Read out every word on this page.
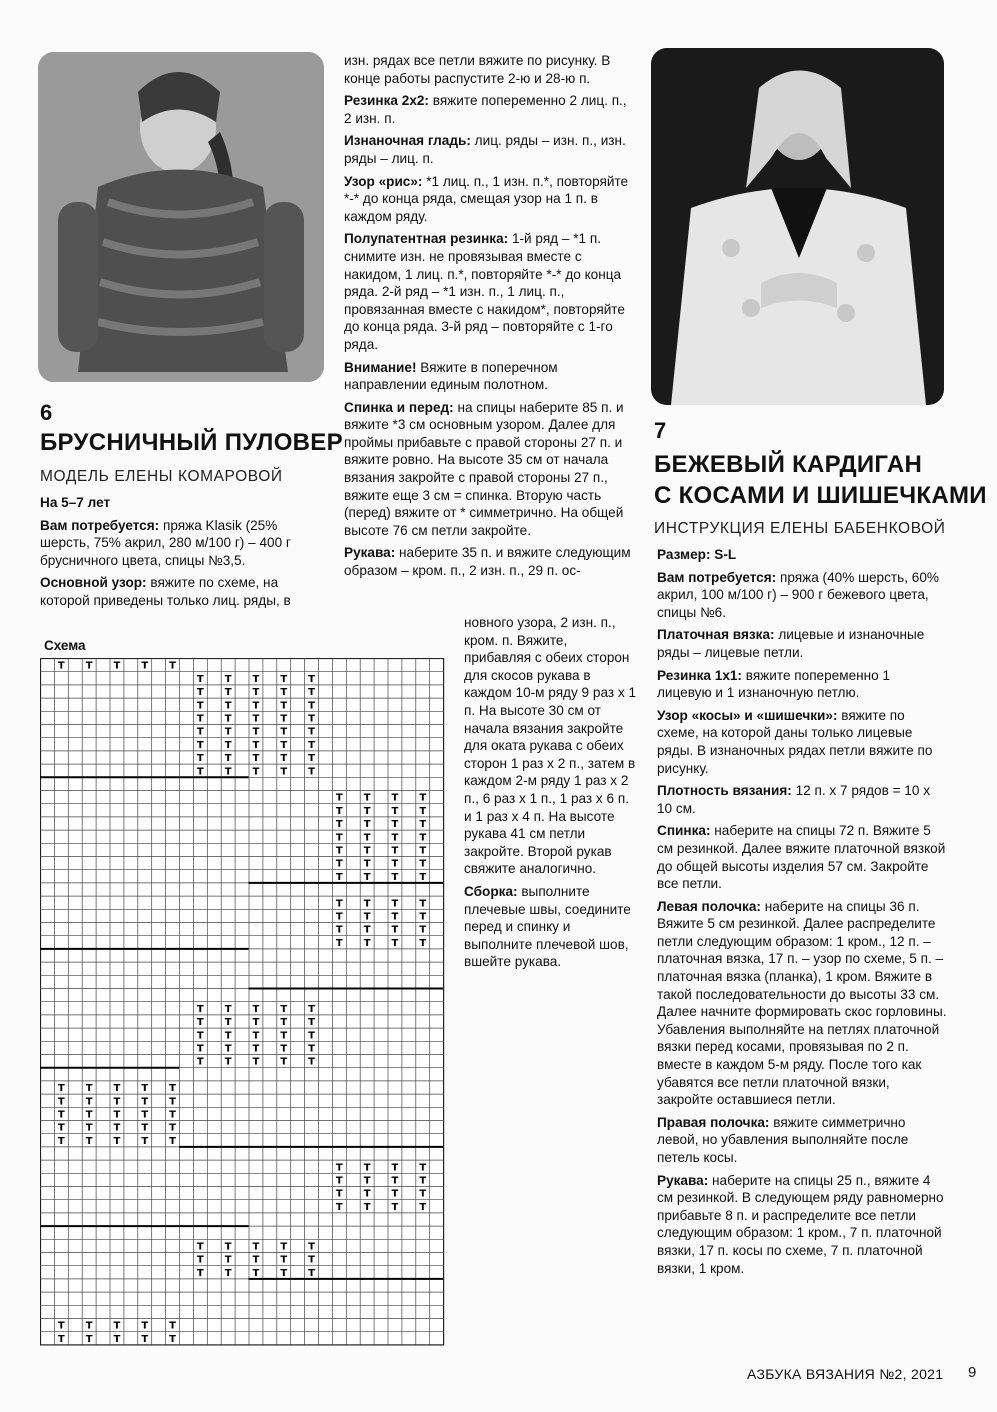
6
БРУСНИЧНЫЙ ПУЛОВЕР
МОДЕЛЬ ЕЛЕНЫ КОМАРОВОЙ

На 5–7 лет

Вам потребуется: пряжа Klasik (25% шерсть, 75% акрил, 280 м/100 г) – 400 г брусничного цвета, спицы №3,5.

Основной узор: вяжите по схеме, на которой приведены только лиц. ряды, в

изн. рядах все петли вяжите по рисунку. В конце работы распустите 2-ю и 28-ю п.

Резинка 2х2: вяжите попеременно 2 лиц. п., 2 изн. п.

Изнаночная гладь: лиц. ряды – изн. п., изн. ряды – лиц. п.

Узор «рис»: *1 лиц. п., 1 изн. п.*, повторяйте *-* до конца ряда, смещая узор на 1 п. в каждом ряду.

Полупатентная резинка: 1-й ряд – *1 п. снимите изн. не провязывая вместе с накидом, 1 лиц. п.*, повторяйте *-* до конца ряда. 2-й ряд – *1 изн. п., 1 лиц. п., провязанная вместе с накидом*, повторяйте до конца ряда. 3-й ряд – повторяйте с 1-го ряда.

Внимание! Вяжите в поперечном направлении единым полотном.

Спинка и перед: на спицы наберите 85 п. и вяжите *3 см основным узором. Далее для проймы прибавьте с правой стороны 27 п. и вяжите ровно. На высоте 35 см от начала вязания закройте с правой стороны 27 п., вяжите еще 3 см = спинка. Вторую часть (перед) вяжите от * симметрично. На общей высоте 76 см петли закройте.

Рукава: наберите 35 п. и вяжите следующим образом – кром. п., 2 изн. п., 29 п. ос-

новного узора, 2 изн. п., кром. п. Вяжите, прибавляя с обеих сторон для скосов рукава в каждом 10-м ряду 9 раз х 1 п. На высоте 30 см от начала вязания закройте для оката рукава с обеих сторон 1 раз х 2 п., затем в каждом 2-м ряду 1 раз х 2 п., 6 раз х 1 п., 1 раз х 6 п. и 1 раз х 4 п. На высоте рукава 41 см петли закройте. Второй рукав свяжите аналогично.

Сборка: выполните плечевые швы, соедините перед и спинку и выполните плечевой шов, вшейте рукава.

Схема
Т Т Т Т Т
Т Т Т Т Т
Т Т Т Т Т
Т Т Т Т Т
Т Т Т Т Т
Т Т Т Т Т
Т Т Т Т Т
Т Т Т Т Т
Т Т Т Т Т
Т Т Т Т
Т Т Т Т
Т Т Т Т
Т Т Т Т
Т Т Т Т
Т Т Т Т
Т Т Т Т
Т Т Т Т
Т Т Т Т
Т Т Т Т
Т Т Т Т
Т Т Т Т Т
Т Т Т Т Т
Т Т Т Т Т
Т Т Т Т Т
Т Т Т Т Т
Т Т Т Т Т
Т Т Т Т Т
Т Т Т Т Т
Т Т Т Т Т
Т Т Т Т Т
Т Т Т Т
Т Т Т Т
Т Т Т Т
Т Т Т Т
Т Т Т Т Т
Т Т Т Т Т
Т Т Т Т Т
Т Т Т Т Т
Т Т Т Т Т
7
БЕЖЕВЫЙ КАРДИГАН
С КОСАМИ И ШИШЕЧКАМИ
ИНСТРУКЦИЯ ЕЛЕНЫ БАБЕНКОВОЙ

Размер: S-L

Вам потребуется: пряжа (40% шерсть, 60% акрил, 100 м/100 г) – 900 г бежевого цвета, спицы №6.

Платочная вязка: лицевые и изнаночные ряды – лицевые петли.

Резинка 1х1: вяжите попеременно 1 лицевую и 1 изнаночную петлю.

Узор «косы» и «шишечки»: вяжите по схеме, на которой даны только лицевые ряды. В изнаночных рядах петли вяжите по рисунку.

Плотность вязания: 12 п. х 7 рядов = 10 х 10 см.

Спинка: наберите на спицы 72 п. Вяжите 5 см резинкой. Далее вяжите платочной вязкой до общей высоты изделия 57 см. Закройте все петли.

Левая полочка: наберите на спицы 36 п. Вяжите 5 см резинкой. Далее распределите петли следующим образом: 1 кром., 12 п. – платочная вязка, 17 п. – узор по схеме, 5 п. – платочная вязка (планка), 1 кром. Вяжите в такой последовательности до высоты 33 см. Далее начните формировать скос горловины. Убавления выполняйте на петлях платочной вязки перед косами, провязывая по 2 п. вместе в каждом 5-м ряду. После того как убавятся все петли платочной вязки, закройте оставшиеся петли.

Правая полочка: вяжите симметрично левой, но убавления выполняйте после петель косы.

Рукава: наберите на спицы 25 п., вяжите 4 см резинкой. В следующем ряду равномерно прибавьте 8 п. и распределите все петли следующим образом: 1 кром., 7 п. платочной вязки, 17 п. косы по схеме, 7 п. платочной вязки, 1 кром.

АЗБУКА ВЯЗАНИЯ №2, 2021 9
